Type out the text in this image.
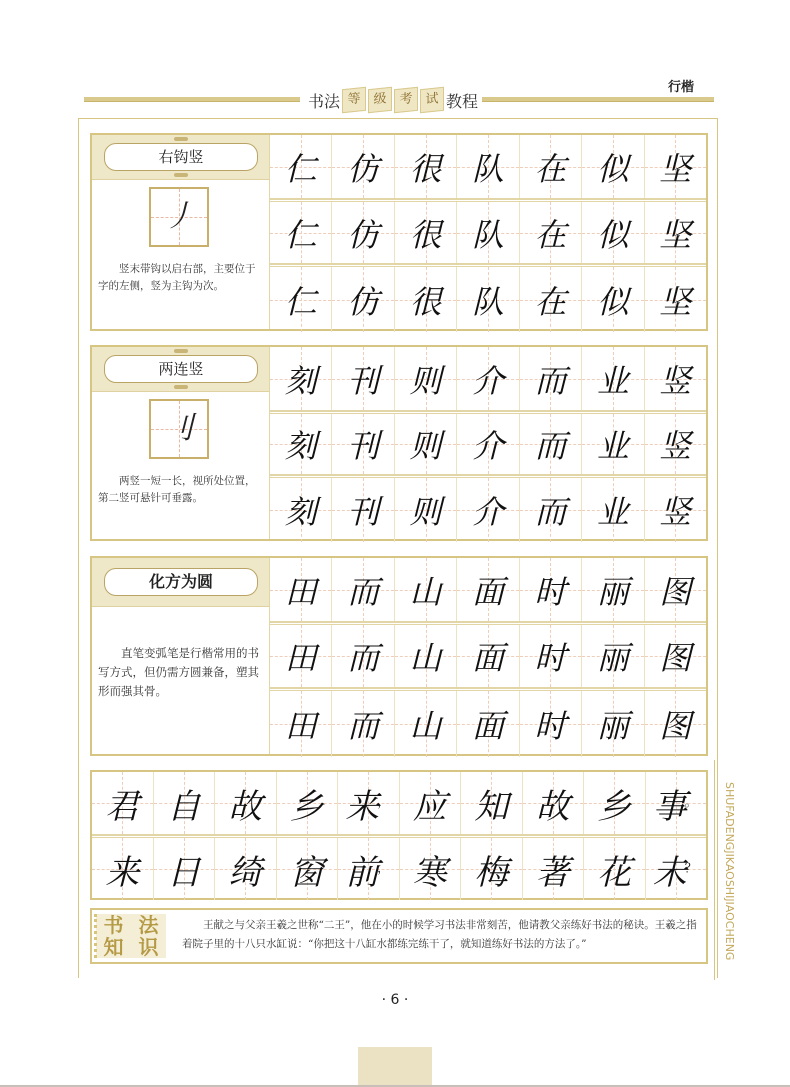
书法 等 级 考 试 教程
行楷
右钩竖
丿
竖末带钩以启右部，主要位于字的左侧，竖为主钩为次。
仁 仿 很 队 在 似 坚
仁 仿 很 队 在 似 坚
仁 仿 很 队 在 似 坚
两连竖
刂
两竖一短一长，视所处位置，第二竖可悬针可垂露。
刻 刊 则 介 而 业 竖
刻 刊 则 介 而 业 竖
刻 刊 则 介 而 业 竖
化方为圆
直笔变弧笔是行楷常用的书写方式，但仍需方圆兼备，塑其形而强其骨。
田 而 山 面 时 丽 图
田 而 山 面 时 丽 图
田 而 山 面 时 丽 图
君 自 故 乡 来
， 应 知 故 乡 事
。
来 日 绮 窗 前
， 寒 梅 著 花 未
？
书 法
知 识
王献之与父亲王羲之世称“二王”，他在小的时候学习书法非常刻苦，他请教父亲练好书法的秘诀。王羲之指着院子里的十八只水缸说：“你把这十八缸水都练完练干了，就知道练好书法的方法了。”	SHUFADENGJIKAOSHIJIAOCHENG
· 6 ·
